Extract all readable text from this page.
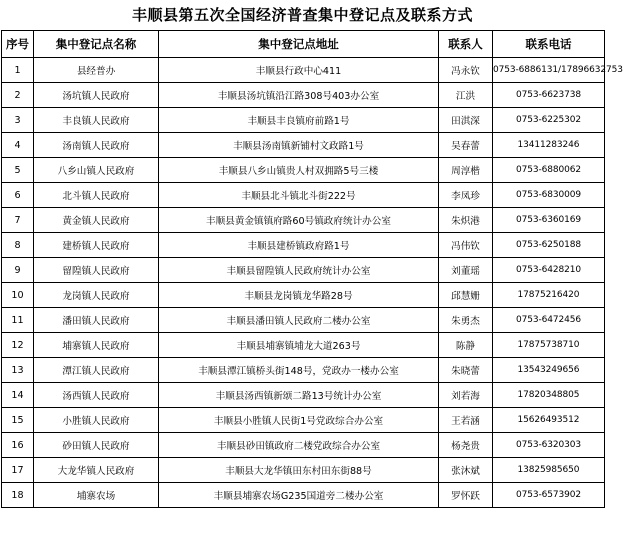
丰顺县第五次全国经济普查集中登记点及联系方式
序号	集中登记点名称	集中登记点地址	联系人	联系电话
1	县经普办	丰顺县行政中心411	冯永钦	0753-6886131/17896632753
2	汤坑镇人民政府	丰顺县汤坑镇沿江路308号403办公室	江洪	0753-6623738
3	丰良镇人民政府	丰顺县丰良镇府前路1号	田淇深	0753-6225302
4	汤南镇人民政府	丰顺县汤南镇新铺村文政路1号	吴春蕾	13411283246
5	八乡山镇人民政府	丰顺县八乡山镇贵人村双拥路5号三楼	周淳楷	0753-6880062
6	北斗镇人民政府	丰顺县北斗镇北斗街222号	李凤珍	0753-6830009
7	黄金镇人民政府	丰顺县黄金镇镇府路60号镇政府统计办公室	朱炽港	0753-6360169
8	建桥镇人民政府	丰顺县建桥镇政府路1号	冯伟钦	0753-6250188
9	留隍镇人民政府	丰顺县留隍镇人民政府统计办公室	刘董瑶	0753-6428210
10	龙岗镇人民政府	丰顺县龙岗镇龙华路28号	邱慧姗	17875216420
11	潘田镇人民政府	丰顺县潘田镇人民政府二楼办公室	朱勇杰	0753-6472456
12	埔寨镇人民政府	丰顺县埔寨镇埔龙大道263号	陈静	17875738710
13	潭江镇人民政府	丰顺县潭江镇桥头街148号，党政办一楼办公室	朱晓蕾	13543249656
14	汤西镇人民政府	丰顺县汤西镇新颂二路13号统计办公室	刘若海	17820348805
15	小胜镇人民政府	丰顺县小胜镇人民街1号党政综合办公室	王若涵	15626493512
16	砂田镇人民政府	丰顺县砂田镇政府二楼党政综合办公室	杨尧贵	0753-6320303
17	大龙华镇人民政府	丰顺县大龙华镇田东村田东街88号	张沐斌	13825985650
18	埔寨农场	丰顺县埔寨农场G235国道旁二楼办公室	罗怀跃	0753-6573902
